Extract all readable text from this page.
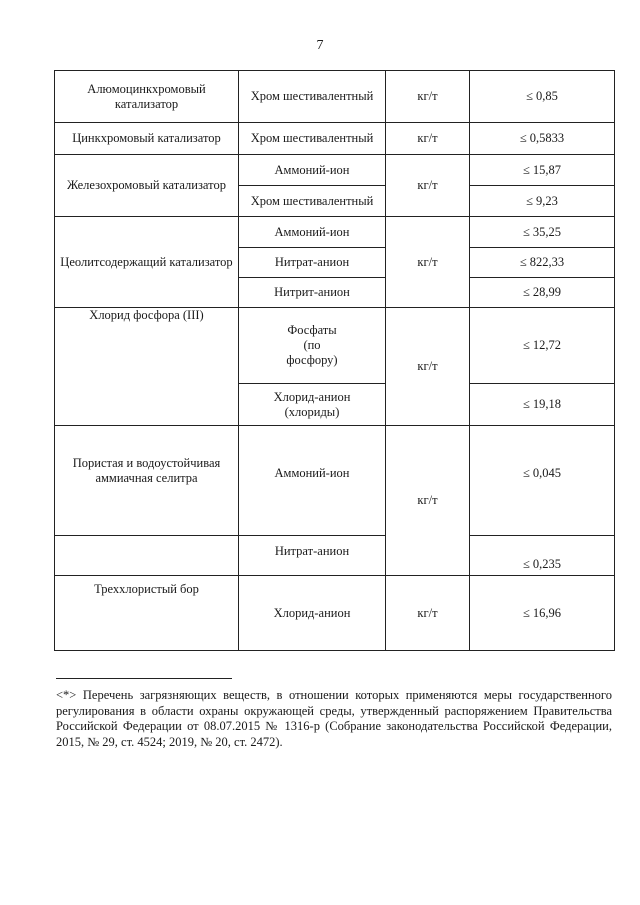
7
Алюмоцинкхромовый катализатор	Хром шестивалентный	кг/т	≤ 0,85
Цинкхромовый катализатор	Хром шестивалентный	кг/т	≤ 0,5833
Железохромовый катализатор	Аммоний-ион	кг/т	≤ 15,87
	Хром шестивалентный		≤ 9,23
Цеолитсодержащий катализатор	Аммоний-ион	кг/т	≤ 35,25
	Нитрат-анион		≤ 822,33
	Нитрит-анион		≤ 28,99
Хлорид фосфора (III)	Фосфаты (по фосфору)	кг/т	≤ 12,72
	Хлорид-анион (хлориды)		≤ 19,18
Пористая и водоустойчивая аммиачная селитра	Аммоний-ион	кг/т	≤ 0,045
	Нитрат-анион		≤ 0,235
Треххлористый бор	Хлорид-анион	кг/т	≤ 16,96
<*> Перечень загрязняющих веществ, в отношении которых применяются меры государственного регулирования в области охраны окружающей среды, утвержденный распоряжением Правительства Российской Федерации от 08.07.2015 № 1316-р (Собрание законодательства Российской Федерации, 2015, № 29, ст. 4524; 2019, № 20, ст. 2472).
